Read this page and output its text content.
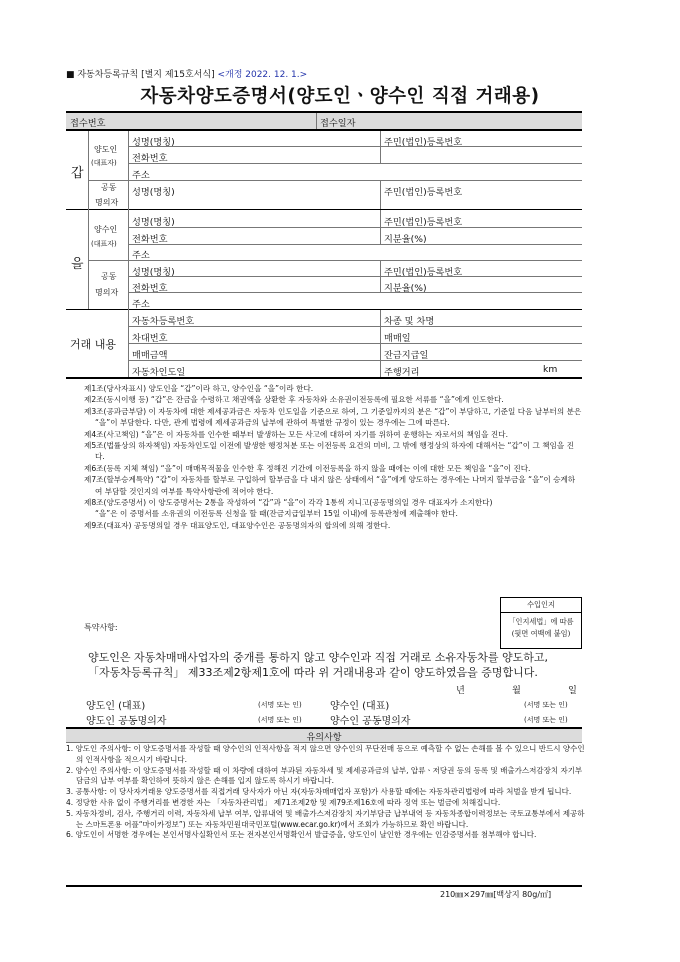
■ 자동차등록규칙 [별지 제15호서식] <개정 2022. 12. 1.>
자동차양도증명서(양도인ㆍ양수인 직접 거래용)
접수번호	접수일자
갑
양도인
(대표자)
성명(명칭)	주민(법인)등록번호
전화번호
주소
공동
명의자
성명(명칭)	주민(법인)등록번호
을
양수인
(대표자)
성명(명칭)	주민(법인)등록번호
전화번호	지분율(%)
주소
공동
명의자
성명(명칭)	주민(법인)등록번호
전화번호	지분율(%)
주소
거래 내용
자동차등록번호	차종 및 차명
차대번호	매매일
매매금액	잔금지급일
자동차인도일	주행거리	km

제1조(당사자표시) 양도인을 “갑”이라 하고, 양수인을 “을”이라 한다.

제2조(동시이행 등) “갑”은 잔금을 수령하고 채권액을 상환한 후 자동차와 소유권이전등록에 필요한 서류를 “을”에게 인도한다.

제3조(공과금부담) 이 자동차에 대한 제세공과금은 자동차 인도일을 기준으로 하여, 그 기준일까지의 분은 “갑”이 부담하고, 기준일 다음 날부터의 분은 “을”이 부담한다. 다만, 관계 법령에 제세공과금의 납부에 관하여 특별한 규정이 있는 경우에는 그에 따른다.

제4조(사고책임) “을”은 이 자동차를 인수한 때부터 발생하는 모든 사고에 대하여 자기를 위하여 운행하는 자로서의 책임을 진다.

제5조(법률상의 하자책임) 자동차인도일 이전에 발생한 행정처분 또는 이전등록 요건의 미비, 그 밖에 행정상의 하자에 대해서는 “갑”이 그 책임을 진다.

제6조(등록 지체 책임) “을”이 매매목적물을 인수한 후 정해진 기간에 이전등록을 하지 않을 때에는 이에 대한 모든 책임을 “을”이 진다.

제7조(할부승계특약) “갑”이 자동차를 할부로 구입하여 할부금을 다 내지 않은 상태에서 “을”에게 양도하는 경우에는 나머지 할부금을 “을”이 승계하여 부담할 것인지의 여부를 특약사항란에 적어야 한다.

제8조(양도증명서) 이 양도증명서는 2통을 작성하여 “갑”과 “을”이 각각 1통씩 지니고(공동명의일 경우 대표자가 소지한다) “을”은 이 증명서를 소유권의 이전등록 신청을 할 때(잔금지급일부터 15일 이내)에 등록관청에 제출해야 한다.

제9조(대표자) 공동명의일 경우 대표양도인, 대표양수인은 공동명의자의 합의에 의해 정한다.

특약사항:
수입인지
「인지세법」에 따름
(뒷면 여백에 붙임)
양도인은 자동차매매사업자의 중개를 통하지 않고 양수인과 직접 거래로 소유자동차를 양도하고,
「자동차등록규칙」 제33조제2항제1호에 따라 위 거래내용과 같이 양도하였음을 증명합니다.
년	월	일
양도인 (대표)	(서명 또는 인)	양수인 (대표)	(서명 또는 인)
양도인 공동명의자	(서명 또는 인)	양수인 공동명의자	(서명 또는 인)
유의사항

1. 양도인 주의사항: 이 양도증명서를 작성할 때 양수인의 인적사항을 적지 않으면 양수인의 무단전매 등으로 예측할 수 없는 손해를 볼 수 있으니 반드시 양수인의 인적사항을 적으시기 바랍니다.

2. 양수인 주의사항: 이 양도증명서를 작성할 때 이 차량에 대하여 부과된 자동차세 및 제세공과금의 납부, 압류ㆍ저당권 등의 등록 및 배출가스저감장치 자기부담금의 납부 여부를 확인하여 뜻하지 않은 손해를 입지 않도록 하시기 바랍니다.

3. 공통사항: 이 당사자거래용 양도증명서를 직접거래 당사자가 아닌 자(자동차매매업자 포함)가 사용할 때에는 자동차관리법령에 따라 처벌을 받게 됩니다.

4. 정당한 사유 없이 주행거리를 변경한 자는 「자동차관리법」 제71조제2항 및 제79조제16호에 따라 징역 또는 벌금에 처해집니다.

5. 자동차정비, 검사, 주행거리 이력, 자동차세 납부 여부, 압류내역 및 배출가스저감장치 자기부담금 납부내역 등 자동차종합이력정보는 국토교통부에서 제공하는 스마트폰용 어플“마이카정보”) 또는 자동차민원대국민포털(www.ecar.go.kr)에서 조회가 가능하므로 확인 바랍니다.

6. 양도인이 서명한 경우에는 본인서명사실확인서 또는 전자본인서명확인서 발급증을, 양도인이 날인한 경우에는 인감증명서를 첨부해야 합니다.

210㎜×297㎜[백상지 80g/㎡]
